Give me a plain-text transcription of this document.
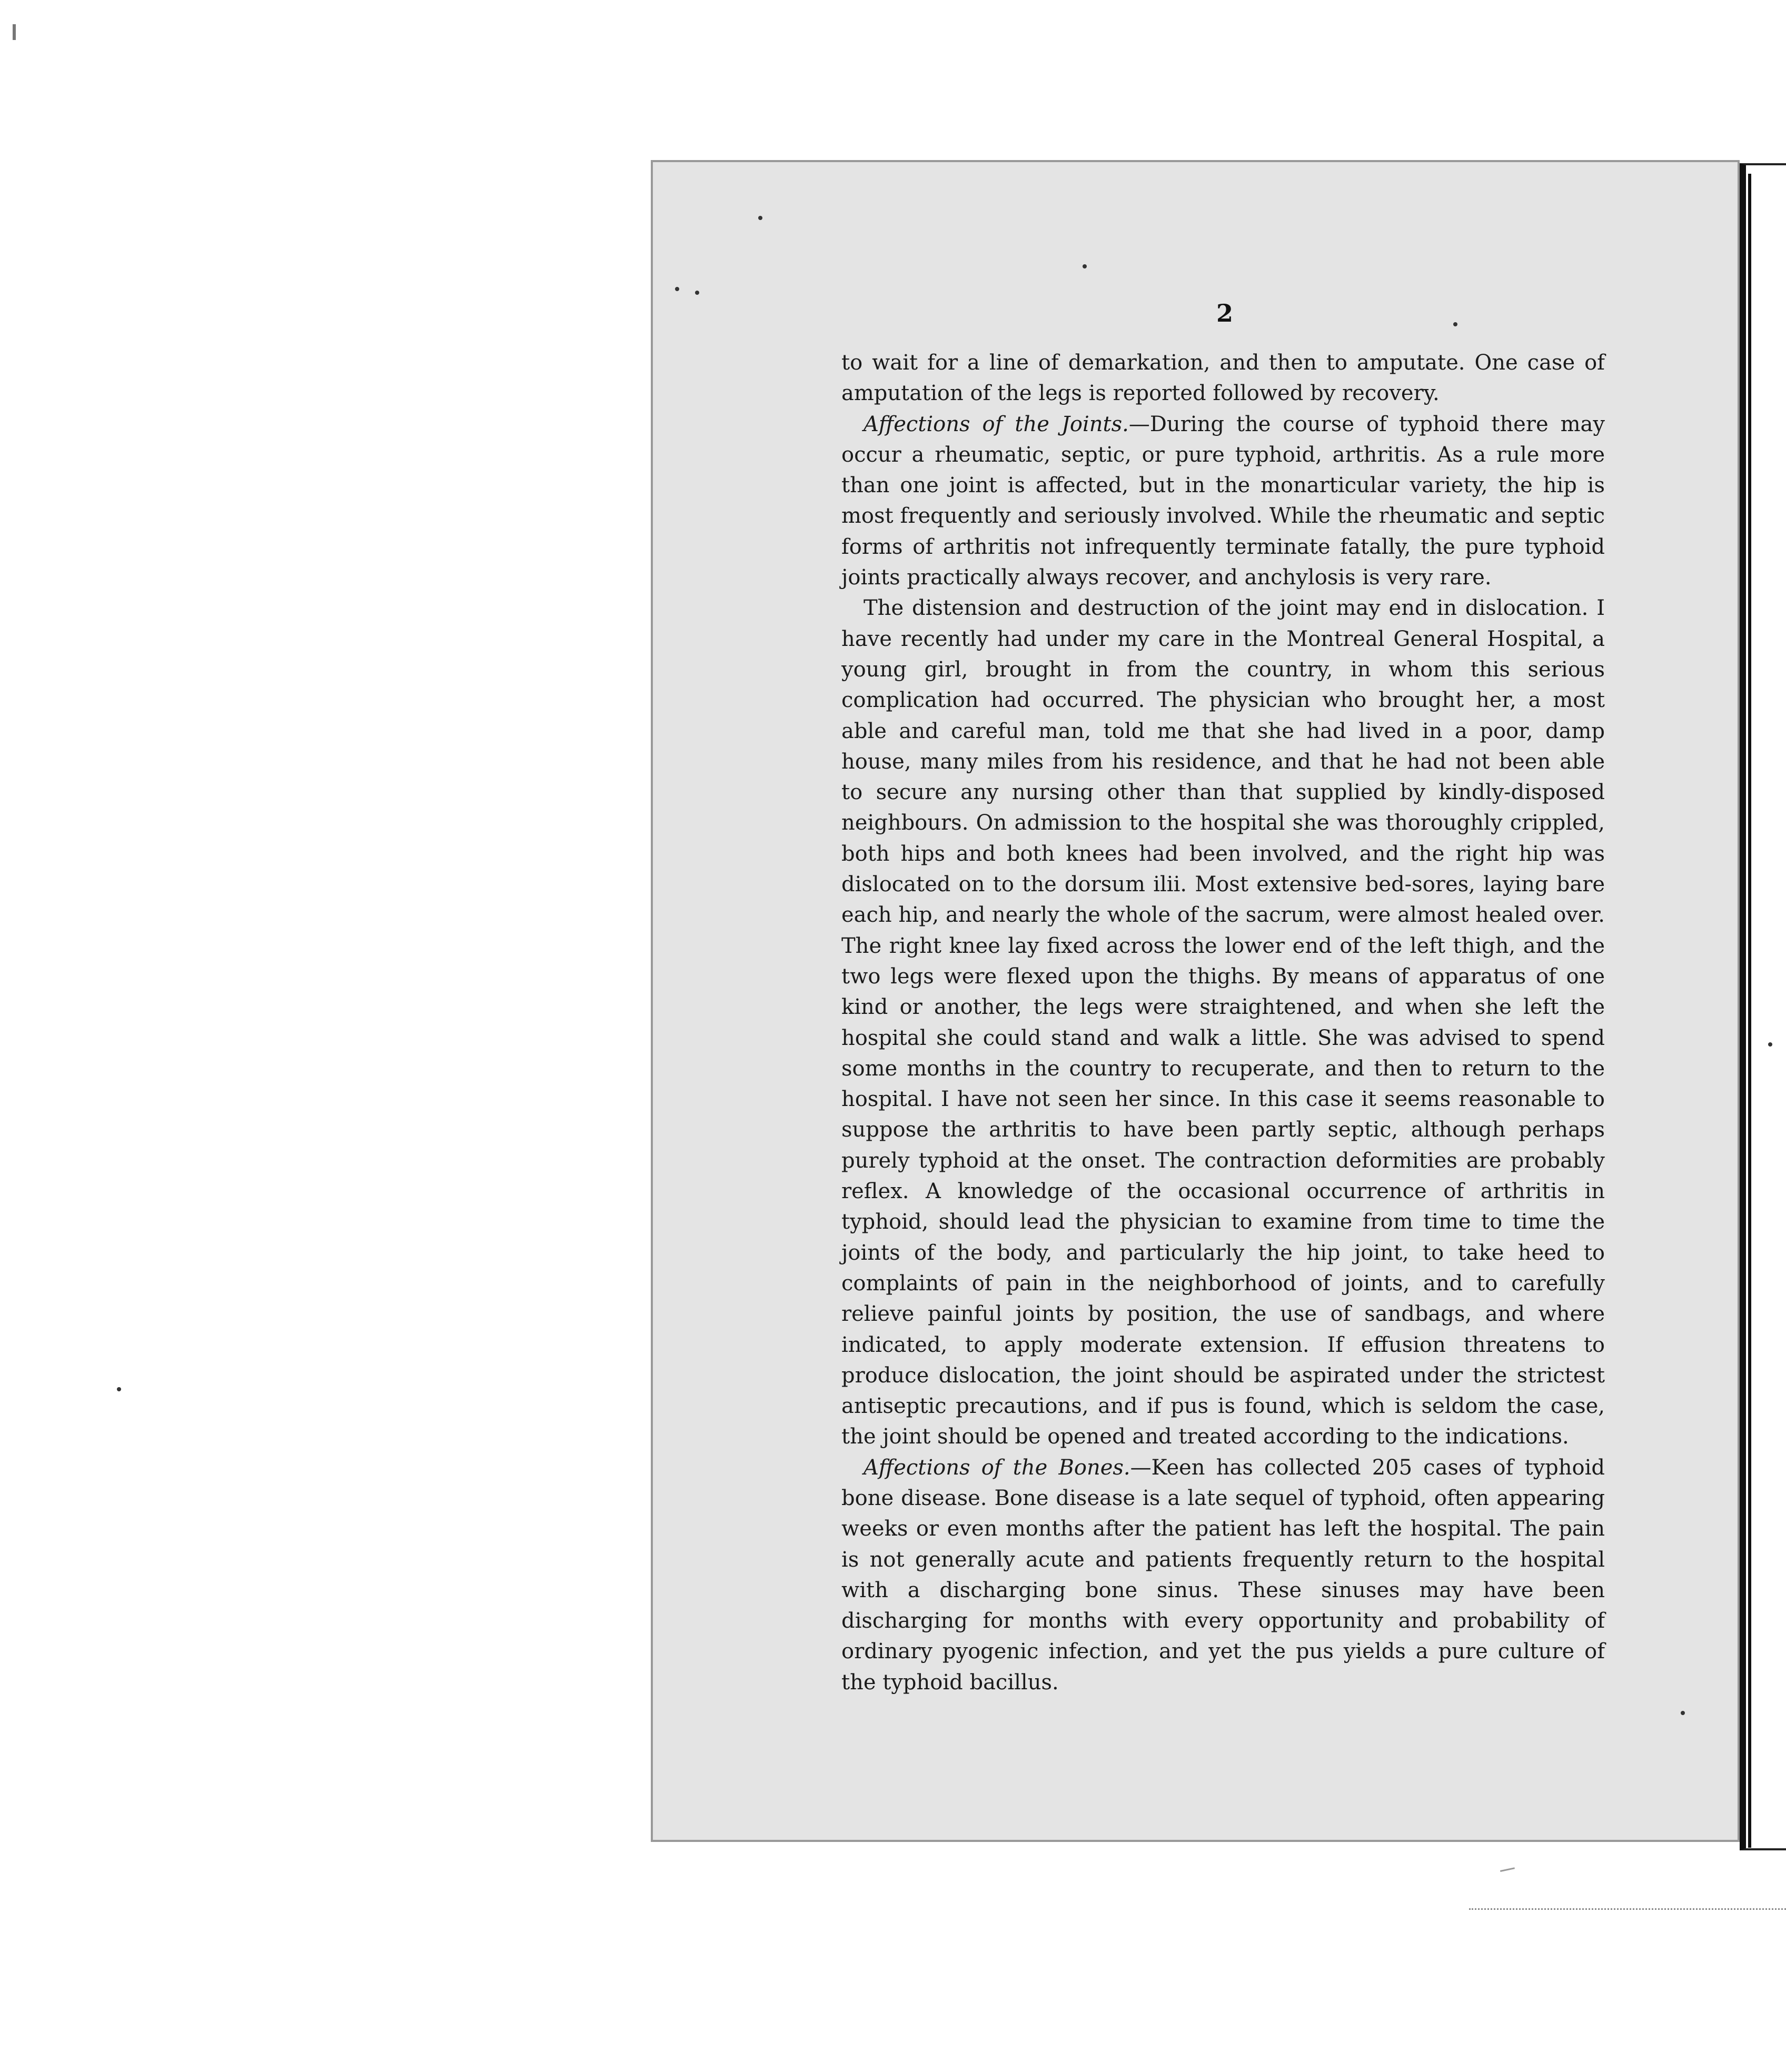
2

to wait for a line of demarkation, and then to amputate. One case of amputation of the legs is reported followed by recovery.

Affections of the Joints.—During the course of typhoid there may occur a rheumatic, septic, or pure typhoid, arthritis. As a rule more than one joint is affected, but in the monarticular variety, the hip is most frequently and seriously involved. While the rheumatic and septic forms of arthritis not infrequently terminate fatally, the pure typhoid joints practically always recover, and anchylosis is very rare.

The distension and destruction of the joint may end in dislocation. I have recently had under my care in the Montreal General Hospital, a young girl, brought in from the country, in whom this serious complication had occurred. The physician who brought her, a most able and careful man, told me that she had lived in a poor, damp house, many miles from his residence, and that he had not been able to secure any nursing other than that supplied by kindly-disposed neighbours. On admission to the hospital she was thoroughly crippled, both hips and both knees had been involved, and the right hip was dislocated on to the dorsum ilii. Most extensive bed-sores, laying bare each hip, and nearly the whole of the sacrum, were almost healed over. The right knee lay fixed across the lower end of the left thigh, and the two legs were flexed upon the thighs. By means of apparatus of one kind or another, the legs were straightened, and when she left the hospital she could stand and walk a little. She was advised to spend some months in the country to recuperate, and then to return to the hospital. I have not seen her since. In this case it seems reasonable to suppose the arthritis to have been partly septic, although perhaps purely typhoid at the onset. The contraction deformities are probably reflex. A knowledge of the occasional occurrence of arthritis in typhoid, should lead the physician to examine from time to time the joints of the body, and particularly the hip joint, to take heed to complaints of pain in the neighborhood of joints, and to carefully relieve painful joints by position, the use of sandbags, and where indicated, to apply moderate extension. If effusion threatens to produce dislocation, the joint should be aspirated under the strictest antiseptic precautions, and if pus is found, which is seldom the case, the joint should be opened and treated according to the indications.

Affections of the Bones.—Keen has collected 205 cases of typhoid bone disease. Bone disease is a late sequel of typhoid, often appearing weeks or even months after the patient has left the hospital. The pain is not generally acute and patients frequently return to the hospital with a discharging bone sinus. These sinuses may have been discharging for months with every opportunity and probability of ordinary pyogenic infection, and yet the pus yields a pure culture of the typhoid bacillus.
